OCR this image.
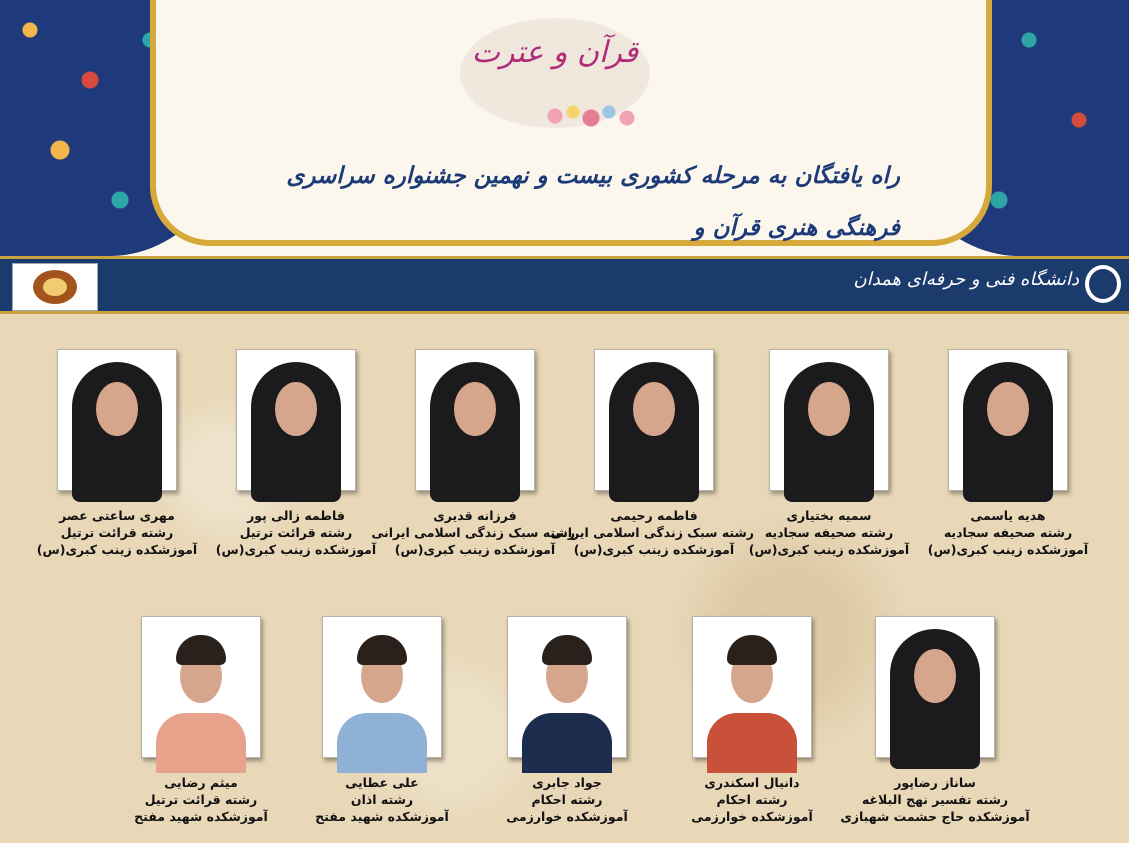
قرآن و عترت
راه یافتگان به مرحله کشوری بیست و نهمین جشنواره سراسری فرهنگی هنری قرآن و
دانشگاه فنی و حرفه‌ای همدان
هدیه یاسمی
رشته صحیفه سجادیه
آموزشکده زینب کبری(س)
سمیه بختیاری
رشته صحیفه سجادیه
آموزشکده زینب کبری(س)
فاطمه رحیمی
رشته سبک زندگی اسلامی ایرانی
آموزشکده زینب کبری(س)
فرزانه قدیری
رشته سبک زندگی اسلامی ایرانی
آموزشکده زینب کبری(س)
فاطمه زالی پور
رشته قرائت ترتیل
آموزشکده زینب کبری(س)
مهری ساعتی عصر
رشته قرائت ترتیل
آموزشکده زینب کبری(س)
ساناز رضاپور
رشته تفسیر نهج البلاغه
آموزشکده حاج حشمت شهبازی
دانیال اسکندری
رشته احکام
آموزشکده خوارزمی
جواد جابری
رشته احکام
آموزشکده خوارزمی
علی عطایی
رشته اذان
آموزشکده شهید مفتح
میثم رضایی
رشته قرائت ترتیل
آموزشکده شهید مفتح
